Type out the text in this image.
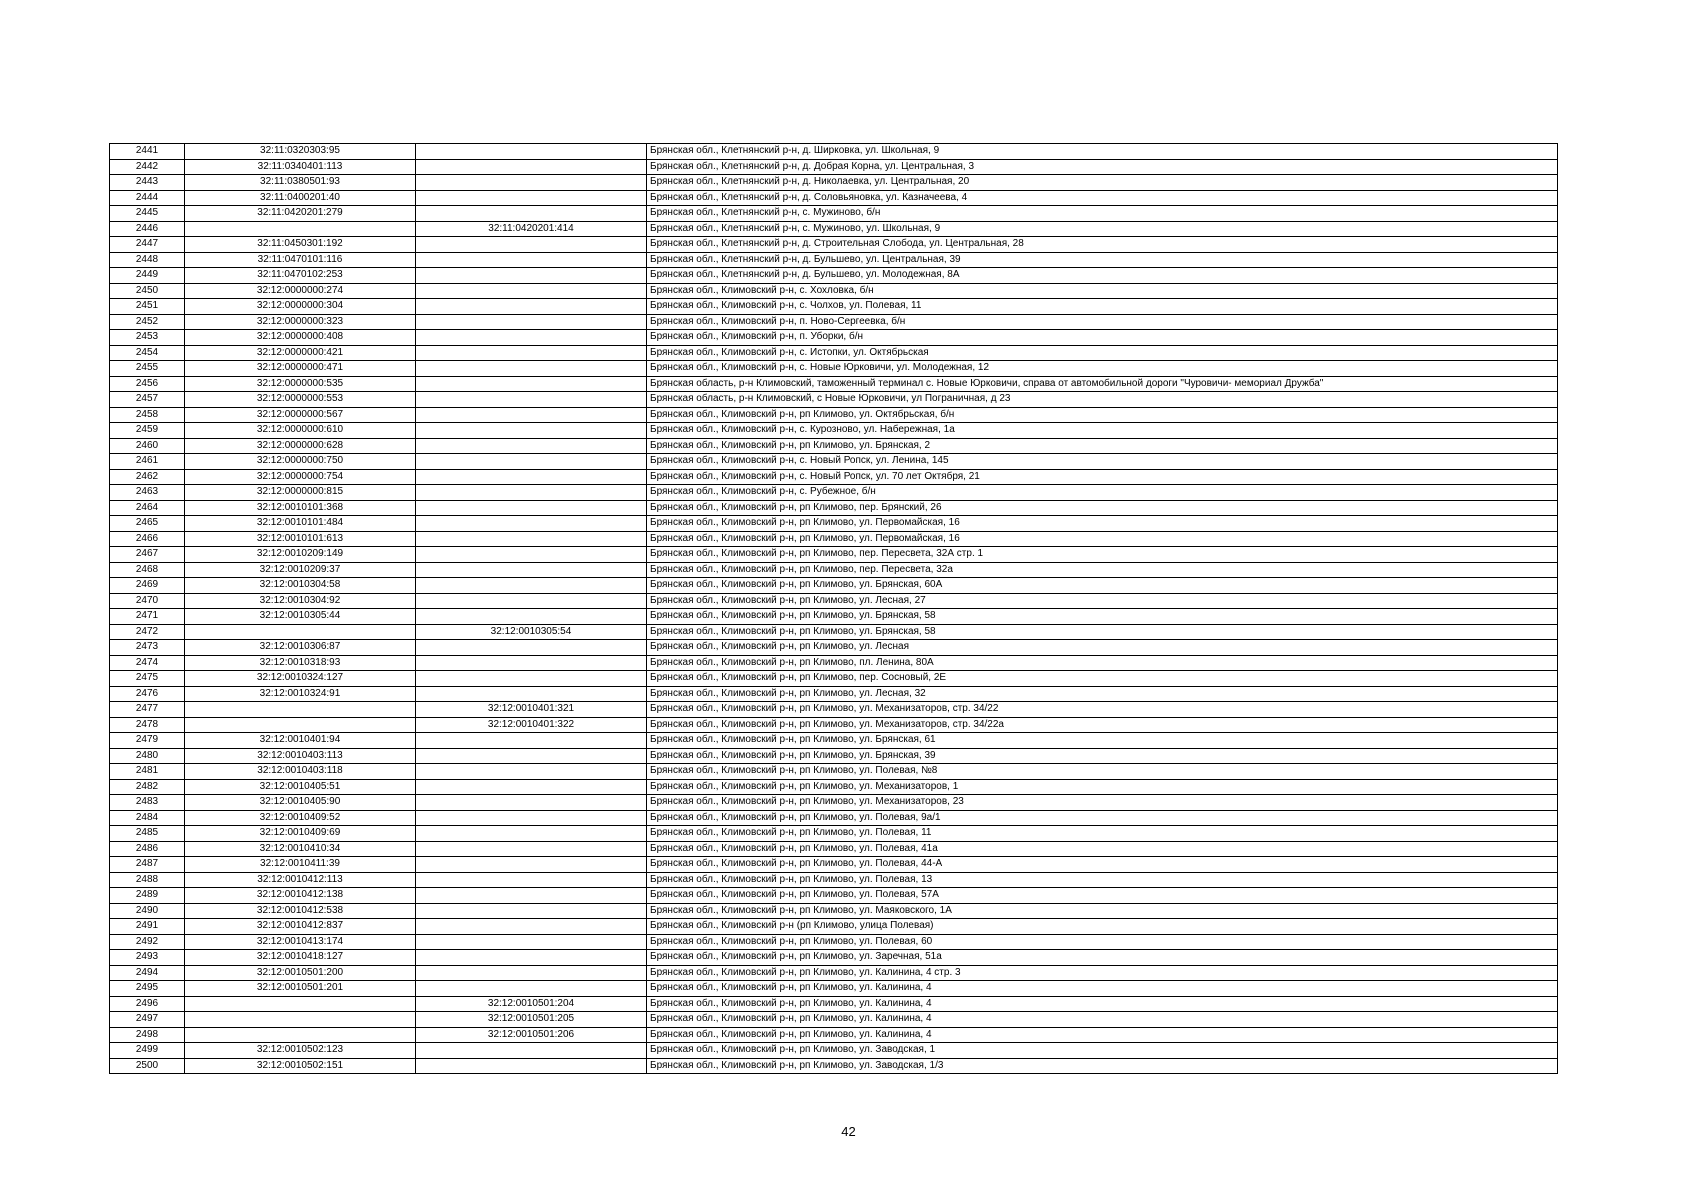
2441	32:11:0320303:95		Брянская обл., Клетнянский р-н, д. Ширковка, ул. Школьная, 9
2442	32:11:0340401:113		Брянская обл., Клетнянский р-н, д. Добрая Корна, ул. Центральная, 3
2443	32:11:0380501:93		Брянская обл., Клетнянский р-н, д. Николаевка, ул. Центральная, 20
2444	32:11:0400201:40		Брянская обл., Клетнянский р-н, д. Соловьяновка, ул. Казначеева, 4
2445	32:11:0420201:279		Брянская обл., Клетнянский р-н, с. Мужиново, б/н
2446		32:11:0420201:414	Брянская обл., Клетнянский р-н, с. Мужиново, ул. Школьная, 9
2447	32:11:0450301:192		Брянская обл., Клетнянский р-н, д. Строительная Слобода, ул. Центральная, 28
2448	32:11:0470101:116		Брянская обл., Клетнянский р-н, д. Бульшево, ул. Центральная, 39
2449	32:11:0470102:253		Брянская обл., Клетнянский р-н, д. Бульшево, ул. Молодежная, 8А
2450	32:12:0000000:274		Брянская обл., Климовский р-н, с. Хохловка, б/н
2451	32:12:0000000:304		Брянская обл., Климовский р-н, с. Чолхов, ул. Полевая, 11
2452	32:12:0000000:323		Брянская обл., Климовский р-н, п. Ново-Сергеевка, б/н
2453	32:12:0000000:408		Брянская обл., Климовский р-н, п. Уборки, б/н
2454	32:12:0000000:421		Брянская обл., Климовский р-н, с. Истопки, ул. Октябрьская
2455	32:12:0000000:471		Брянская обл., Климовский р-н, с. Новые Юрковичи, ул. Молодежная, 12
2456	32:12:0000000:535		Брянская область, р-н Климовский, таможенный терминал с. Новые Юрковичи, справа от автомобильной дороги "Чуровичи- мемориал Дружба"
2457	32:12:0000000:553		Брянская область, р-н Климовский, с Новые Юрковичи, ул Пограничная, д 23
2458	32:12:0000000:567		Брянская обл., Климовский р-н, рп Климово, ул. Октябрьская, б/н
2459	32:12:0000000:610		Брянская обл., Климовский р-н, с. Курозново, ул. Набережная, 1а
2460	32:12:0000000:628		Брянская обл., Климовский р-н, рп Климово, ул. Брянская, 2
2461	32:12:0000000:750		Брянская обл., Климовский р-н, с. Новый Ропск, ул. Ленина, 145
2462	32:12:0000000:754		Брянская обл., Климовский р-н, с. Новый Ропск, ул. 70 лет Октября, 21
2463	32:12:0000000:815		Брянская обл., Климовский р-н, с. Рубежное, б/н
2464	32:12:0010101:368		Брянская обл., Климовский р-н, рп Климово, пер. Брянский, 26
2465	32:12:0010101:484		Брянская обл., Климовский р-н, рп Климово, ул. Первомайская, 16
2466	32:12:0010101:613		Брянская обл., Климовский р-н, рп Климово, ул. Первомайская, 16
2467	32:12:0010209:149		Брянская обл., Климовский р-н, рп Климово, пер. Пересвета, 32А стр. 1
2468	32:12:0010209:37		Брянская обл., Климовский р-н, рп Климово, пер. Пересвета, 32а
2469	32:12:0010304:58		Брянская обл., Климовский р-н, рп Климово, ул. Брянская, 60А
2470	32:12:0010304:92		Брянская обл., Климовский р-н, рп Климово, ул. Лесная, 27
2471	32:12:0010305:44		Брянская обл., Климовский р-н, рп Климово, ул. Брянская, 58
2472		32:12:0010305:54	Брянская обл., Климовский р-н, рп Климово, ул. Брянская, 58
2473	32:12:0010306:87		Брянская обл., Климовский р-н, рп Климово, ул. Лесная
2474	32:12:0010318:93		Брянская обл., Климовский р-н, рп Климово, пл. Ленина, 80А
2475	32:12:0010324:127		Брянская обл., Климовский р-н, рп Климово, пер. Сосновый, 2Е
2476	32:12:0010324:91		Брянская обл., Климовский р-н, рп Климово, ул. Лесная, 32
2477		32:12:0010401:321	Брянская обл., Климовский р-н, рп Климово, ул. Механизаторов, стр. 34/22
2478		32:12:0010401:322	Брянская обл., Климовский р-н, рп Климово, ул. Механизаторов, стр. 34/22а
2479	32:12:0010401:94		Брянская обл., Климовский р-н, рп Климово, ул. Брянская, 61
2480	32:12:0010403:113		Брянская обл., Климовский р-н, рп Климово, ул. Брянская, 39
2481	32:12:0010403:118		Брянская обл., Климовский р-н, рп Климово, ул. Полевая, №8
2482	32:12:0010405:51		Брянская обл., Климовский р-н, рп Климово, ул. Механизаторов, 1
2483	32:12:0010405:90		Брянская обл., Климовский р-н, рп Климово, ул. Механизаторов, 23
2484	32:12:0010409:52		Брянская обл., Климовский р-н, рп Климово, ул. Полевая, 9а/1
2485	32:12:0010409:69		Брянская обл., Климовский р-н, рп Климово, ул. Полевая, 11
2486	32:12:0010410:34		Брянская обл., Климовский р-н, рп Климово, ул. Полевая, 41а
2487	32:12:0010411:39		Брянская обл., Климовский р-н, рп Климово, ул. Полевая, 44-А
2488	32:12:0010412:113		Брянская обл., Климовский р-н, рп Климово, ул. Полевая, 13
2489	32:12:0010412:138		Брянская обл., Климовский р-н, рп Климово, ул. Полевая, 57А
2490	32:12:0010412:538		Брянская обл., Климовский р-н, рп Климово, ул. Маяковского, 1А
2491	32:12:0010412:837		Брянская обл., Климовский р-н (рп Климово, улица Полевая)
2492	32:12:0010413:174		Брянская обл., Климовский р-н, рп Климово, ул. Полевая, 60
2493	32:12:0010418:127		Брянская обл., Климовский р-н, рп Климово, ул. Заречная, 51а
2494	32:12:0010501:200		Брянская обл., Климовский р-н, рп Климово, ул. Калинина, 4 стр. 3
2495	32:12:0010501:201		Брянская обл., Климовский р-н, рп Климово, ул. Калинина, 4
2496		32:12:0010501:204	Брянская обл., Климовский р-н, рп Климово, ул. Калинина, 4
2497		32:12:0010501:205	Брянская обл., Климовский р-н, рп Климово, ул. Калинина, 4
2498		32:12:0010501:206	Брянская обл., Климовский р-н, рп Климово, ул. Калинина, 4
2499	32:12:0010502:123		Брянская обл., Климовский р-н, рп Климово, ул. Заводская, 1
2500	32:12:0010502:151		Брянская обл., Климовский р-н, рп Климово, ул. Заводская, 1/3
42
